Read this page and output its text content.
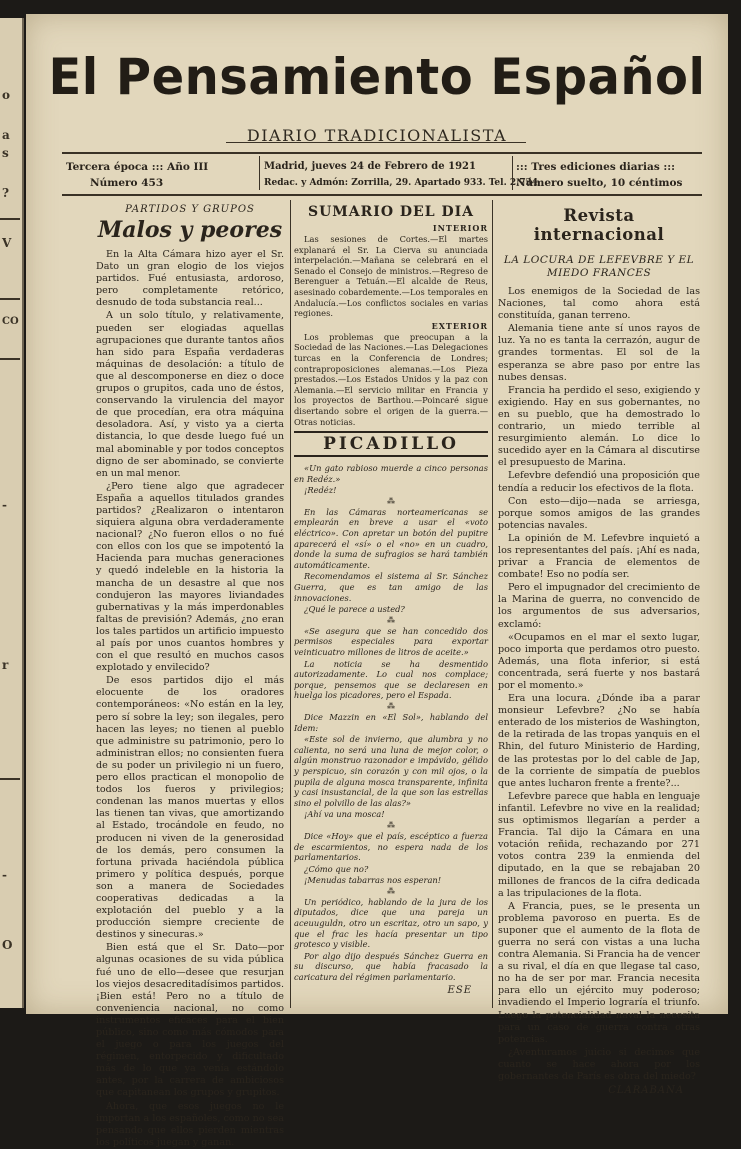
o
a
s
?
V
CO
-
r
-
O
El Pensamiento Español
DIARIO TRADICIONALISTA
Tercera época ::: Año III
Número 453
Madrid, jueves 24 de Febrero de 1921
Redac. y Admón: Zorrilla, 29. Apartado 933. Tel. 2.734
::: Tres ediciones diarias :::
Número suelto, 10 céntimos
PARTIDOS Y GRUPOS
Malos y peores

En la Alta Cámara hizo ayer el Sr. Dato un gran elogio de los viejos partidos. Fué entusiasta, ardoroso, pero completamente retórico, desnudo de toda substancia real...

A un solo título, y relativamente, pueden ser elogiadas aquellas agrupaciones que durante tantos años han sido para España verdaderas máquinas de desolación: a título de que al descomponerse en diez o doce grupos o grupitos, cada uno de éstos, conservando la virulencia del mayor de que procedían, era otra máquina desoladora. Así, y visto ya a cierta distancia, lo que desde luego fué un mal abominable y por todos conceptos digno de ser abominado, se convierte en un mal menor.

¿Pero tiene algo que agradecer España a aquellos titulados grandes partidos? ¿Realizaron o intentaron siquiera alguna obra verdaderamente nacional? ¿No fueron ellos o no fué con ellos con los que se impotentó la Hacienda para muchas generaciones y quedó indeleble en la historia la mancha de un desastre al que nos condujeron las mayores liviandades gubernativas y la más imperdonables faltas de previsión? Además, ¿no eran los tales partidos un artificio impuesto al país por unos cuantos hombres y con el que resultó en muchos casos explotado y envilecido?

De esos partidos dijo el más elocuente de los oradores contemporáneos: «No están en la ley, pero sí sobre la ley; son ilegales, pero hacen las leyes; no tienen al pueblo que administre su patrimonio, pero lo administran ellos; no consienten fuera de su poder un privilegio ni un fuero, pero ellos practican el monopolio de todos los fueros y privilegios; condenan las manos muertas y ellos las tienen tan vivas, que amortizando al Estado, trocándole en feudo, no producen ni viven de la generosidad de los demás, pero consumen la fortuna privada haciéndola pública primero y política después, porque son a manera de Sociedades cooperativas dedicadas a la explotación del pueblo y a la producción siempre creciente de destinos y sinecuras.»

Bien está que el Sr. Dato—por algunas ocasiones de su vida pública fué uno de ello—desee que resurjan los viejos desacreditadísimos partidos. ¡Bien está! Pero no a título de conveniencia nacional, no como instrumentos eficaces para el bien público, sino como más cómodos para el juego o para los juegos del régimen, entorpecido y dificultado más de lo que ya venía estándolo antes, por la carrera de ambiciosos que capitanean los grupos y grupitos.

Ahora, que esos juegos no le importan a los españoles, como no sea pensando que ellos pierden mientras los políticos juegan y ganan.

SUMARIO DEL DIA
INTERIOR

Las sesiones de Cortes.—El martes explanará el Sr. La Cierva su anunciada interpelación.—Mañana se celebrará en el Senado el Consejo de ministros.—Regreso de Berenguer a Tetuán.—El alcalde de Reus, asesinado cobardemente.—Los temporales en Andalucía.—Los conflictos sociales en varias regiones.

EXTERIOR

Los problemas que preocupan a la Sociedad de las Naciones.—Las Delegaciones turcas en la Conferencia de Londres; contraproposiciones alemanas.—Los Pieza prestados.—Los Estados Unidos y la paz con Alemania.—El servicio militar en Francia y los proyectos de Barthou.—Poincaré sigue disertando sobre el origen de la guerra.—Otras noticias.

PICADILLO

«Un gato rabioso muerde a cinco personas en Redéz.»

¡Redéz!

⁂

En las Cámaras norteamericanas se emplearán en breve a usar el «voto eléctrico». Con apretar un botón del pupitre aparecerá el «sí» o el «no» en un cuadro, donde la suma de sufragios se hará también automáticamente.

Recomendamos el sistema al Sr. Sánchez Guerra, que es tan amigo de las innovaciones.

¿Qué le parece a usted?

⁂

«Se asegura que se han concedido dos permisos especiales para exportar veinticuatro millones de litros de aceite.»

La noticia se ha desmentido autorizadamente. Lo cual nos complace; porque, pensemos que se declaresen en huelga los picadores, pero el Espada.

⁂

Dice Mazzin en «El Sol», hablando del Idem:

«Este sol de invierno, que alumbra y no calienta, no será una luna de mejor color, o algún monstruo razonador e impávido, gélido y perspicuo, sin corazón y con mil ojos, o la pupila de alguna mosca transparente, infinita y casi insustancial, de la que son las estrellas sino el polvillo de las alas?»

¡Ahí va una mosca!

⁂

Dice «Hoy» que el país, escéptico a fuerza de escarmientos, no espera nada de los parlamentarios.

¿Cómo que no?

¡Menudas tabarras nos esperan!

⁂

Un periódico, hablando de la jura de los diputados, dice que una pareja un aceuuguldn, otro un escritaz, otro un sapo, y que el frac les hacía presentar un tipo grotesco y visible.

Por algo dijo después Sánchez Guerra en su discurso, que había fracasado la caricatura del régimen parlamentario.

ESE
Revista internacional
LA LOCURA DE LEFEVBRE Y EL MIEDO FRANCES

Los enemigos de la Sociedad de las Naciones, tal como ahora está constituída, ganan terreno.

Alemania tiene ante sí unos rayos de luz. Ya no es tanta la cerrazón, augur de grandes tormentas. El sol de la esperanza se abre paso por entre las nubes densas.

Francia ha perdido el seso, exigiendo y exigiendo. Hay en sus gobernantes, no en su pueblo, que ha demostrado lo contrario, un miedo terrible al resurgimiento alemán. Lo dice lo sucedido ayer en la Cámara al discutirse el presupuesto de Marina.

Lefevbre defendió una proposición que tendía a reducir los efectivos de la flota.

Con esto—dijo—nada se arriesga, porque somos amigos de las grandes potencias navales.

La opinión de M. Lefevbre inquietó a los representantes del país. ¡Ahí es nada, privar a Francia de elementos de combate! Eso no podía ser.

Pero el impugnador del crecimiento de la Marina de guerra, no convencido de los argumentos de sus adversarios, exclamó:

«Ocupamos en el mar el sexto lugar, poco importa que perdamos otro puesto. Además, una flota inferior, si está concentrada, será fuerte y nos bastará por el momento.»

Era una locura. ¿Dónde iba a parar monsieur Lefevbre? ¿No se había enterado de los misterios de Washington, de la retirada de las tropas yanquis en el Rhin, del futuro Ministerio de Harding, de las protestas por lo del cable de Jap, de la corriente de simpatía de pueblos que antes lucharon frente a frente?...

Lefevbre parece que habla en lenguaje infantil. Lefevbre no vive en la realidad; sus optimismos llegarían a perder a Francia. Tal dijo la Cámara en una votación reñida, rechazando por 271 votos contra 239 la enmienda del diputado, en la que se rebajaban 20 millones de francos de la cifra dedicada a las tripulaciones de la flota.

A Francia, pues, se le presenta un problema pavoroso en puerta. Es de suponer que el aumento de la flota de guerra no será con vistas a una lucha contra Alemania. Si Francia ha de vencer a su rival, el día en que llegase tal caso, no ha de ser por mar. Francia necesita para ello un ejército muy poderoso; invadiendo el Imperio lograría el triunfo. Luego la potencialidad naval la necesita para un caso de guerra contra otras potencias.

¿Aventuramos juicio si decimos que cuanto se hace ahora por los gobernantes de París es obra del miedo?

CLARABANA
